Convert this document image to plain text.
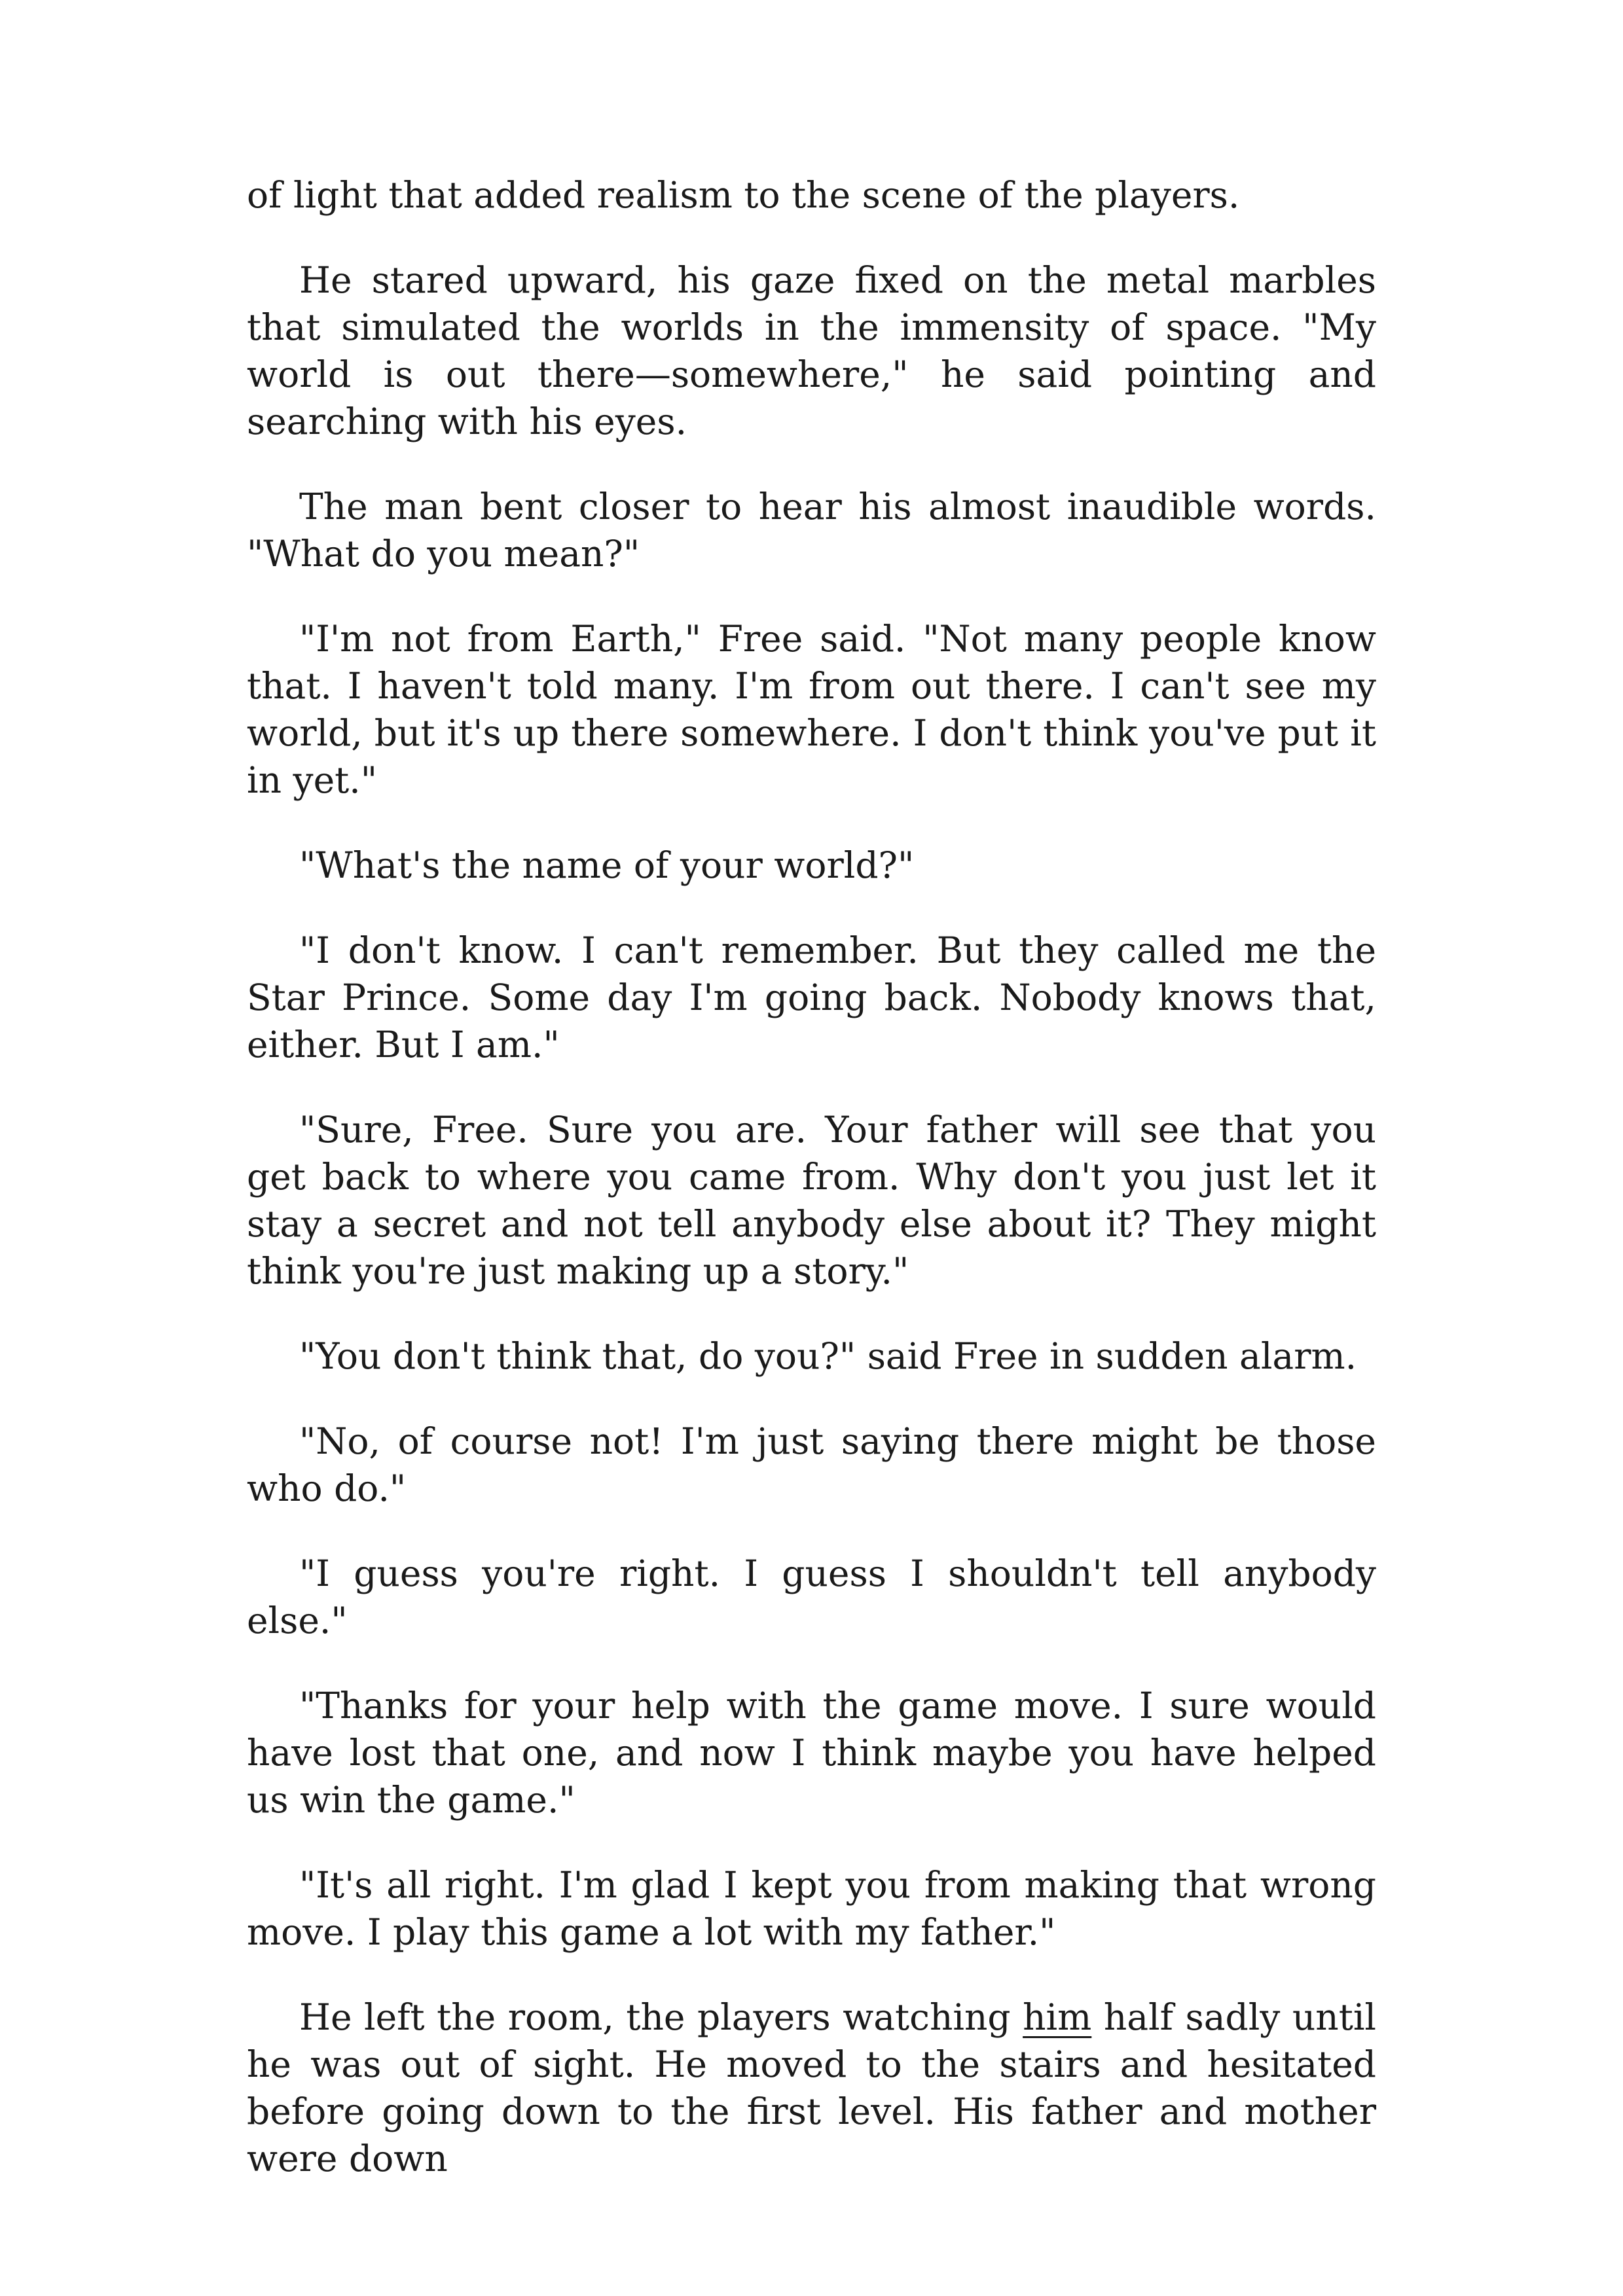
of light that added realism to the scene of the players.

He stared upward, his gaze fixed on the metal marbles that simulated the worlds in the immensity of space. "My world is out there—somewhere," he said pointing and searching with his eyes.

The man bent closer to hear his almost inaudible words. "What do you mean?"

"I'm not from Earth," Free said. "Not many people know that. I haven't told many. I'm from out there. I can't see my world, but it's up there somewhere. I don't think you've put it in yet."

"What's the name of your world?"

"I don't know. I can't remember. But they called me the Star Prince. Some day I'm going back. Nobody knows that, either. But I am."

"Sure, Free. Sure you are. Your father will see that you get back to where you came from. Why don't you just let it stay a secret and not tell anybody else about it? They might think you're just making up a story."

"You don't think that, do you?" said Free in sudden alarm.

"No, of course not! I'm just saying there might be those who do."

"I guess you're right. I guess I shouldn't tell anybody else."

"Thanks for your help with the game move. I sure would have lost that one, and now I think maybe you have helped us win the game."

"It's all right. I'm glad I kept you from making that wrong move. I play this game a lot with my father."

He left the room, the players watching him half sadly until he was out of sight. He moved to the stairs and hesitated before going down to the first level. His father and mother were down
